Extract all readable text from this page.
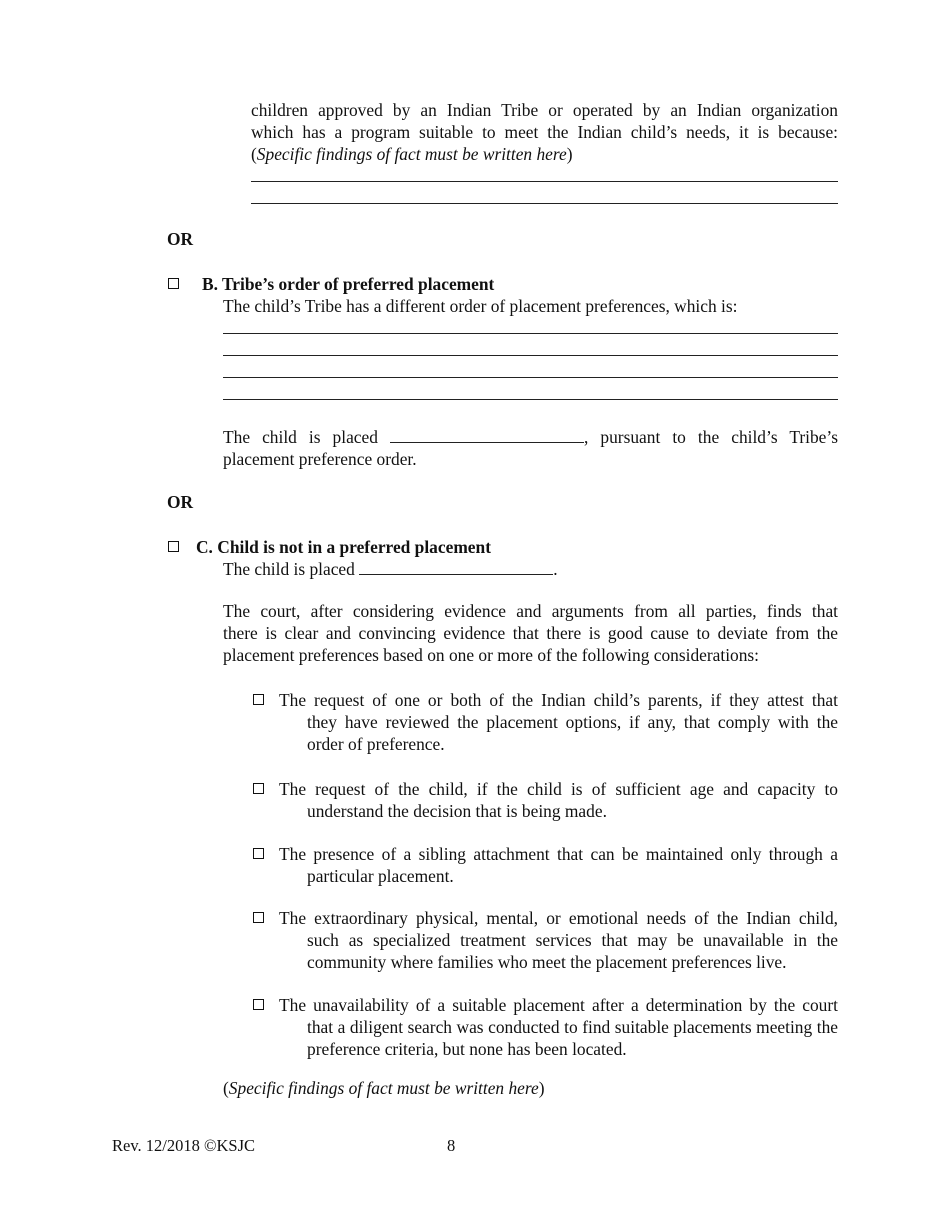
children approved by an Indian Tribe or operated by an Indian organization
which has a program suitable to meet the Indian child’s needs, it is because:
(Specific findings of fact must be written here)
OR
B. Tribe’s order of preferred placement
The child’s Tribe has a different order of placement preferences, which is:
The child is placed	, pursuant to the child’s Tribe’s
placement preference order.
OR
C. Child is not in a preferred placement
The child is placed	.
The court, after considering evidence and arguments from all parties, finds that
there is clear and convincing evidence that there is good cause to deviate from the
placement preferences based on one or more of the following considerations:
The request of one or both of the Indian child’s parents, if they attest that
they have reviewed the placement options, if any, that comply with the order of preference.
The request of the child, if the child is of sufficient age and capacity to
understand the decision that is being made.
The presence of a sibling attachment that can be maintained only through a
particular placement.
The extraordinary physical, mental, or emotional needs of the Indian child,
such as specialized treatment services that may be unavailable in the community where families who meet the placement preferences live.
The unavailability of a suitable placement after a determination by the court
that a diligent search was conducted to find suitable placements meeting the preference criteria, but none has been located.
(Specific findings of fact must be written here)
Rev. 12/2018 ©KSJC	8
